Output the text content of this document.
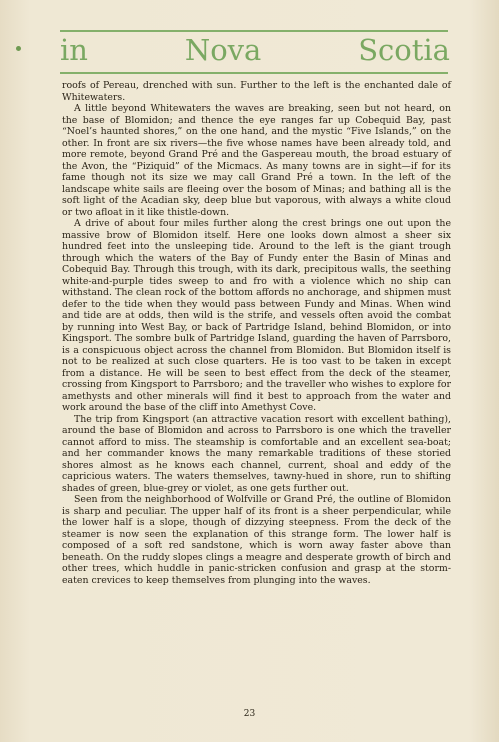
in	Nova	Scotia

roofs of Pereau, drenched with sun. Further to the left is the enchanted dale of Whitewaters.

A little beyond Whitewaters the waves are breaking, seen but not heard, on the base of Blomidon; and thence the eye ranges far up Cobequid Bay, past “Noel’s haunted shores,” on the one hand, and the mystic “Five Islands,” on the other. In front are six rivers—the five whose names have been already told, and more remote, beyond Grand Pré and the Gaspereau mouth, the broad estuary of the Avon, the “Piziquid” of the Micmacs. As many towns are in sight—if for its fame though not its size we may call Grand Pré a town. In the left of the landscape white sails are fleeing over the bosom of Minas; and bathing all is the soft light of the Acadian sky, deep blue but vaporous, with always a white cloud or two afloat in it like thistle-down.

A drive of about four miles further along the crest brings one out upon the massive brow of Blomidon itself. Here one looks down almost a sheer six hundred feet into the unsleeping tide. Around to the left is the giant trough through which the waters of the Bay of Fundy enter the Basin of Minas and Cobequid Bay. Through this trough, with its dark, precipitous walls, the seething white-and-purple tides sweep to and fro with a violence which no ship can withstand. The clean rock of the bottom affords no anchorage, and shipmen must defer to the tide when they would pass between Fundy and Minas. When wind and tide are at odds, then wild is the strife, and vessels often avoid the combat by running into West Bay, or back of Partridge Island, behind Blomidon, or into Kingsport. The sombre bulk of Partridge Island, guarding the haven of Parrsboro, is a conspicuous object across the channel from Blomidon. But Blomidon itself is not to be realized at such close quarters. He is too vast to be taken in except from a distance. He will be seen to best effect from the deck of the steamer, crossing from Kingsport to Parrsboro; and the traveller who wishes to explore for amethysts and other minerals will find it best to approach from the water and work around the base of the cliff into Amethyst Cove.

The trip from Kingsport (an attractive vacation resort with excellent bathing), around the base of Blomidon and across to Parrsboro is one which the traveller cannot afford to miss. The steamship is comfortable and an excellent sea-boat; and her commander knows the many remarkable traditions of these storied shores almost as he knows each channel, current, shoal and eddy of the capricious waters. The waters themselves, tawny-hued in shore, run to shifting shades of green, blue-grey or violet, as one gets further out.

Seen from the neighborhood of Wolfville or Grand Pré, the outline of Blomidon is sharp and peculiar. The upper half of its front is a sheer perpendicular, while the lower half is a slope, though of dizzying steepness. From the deck of the steamer is now seen the explanation of this strange form. The lower half is composed of a soft red sandstone, which is worn away faster above than beneath. On the ruddy slopes clings a meagre and desperate growth of birch and other trees, which huddle in panic-stricken confusion and grasp at the storm-eaten crevices to keep themselves from plunging into the waves.

23
